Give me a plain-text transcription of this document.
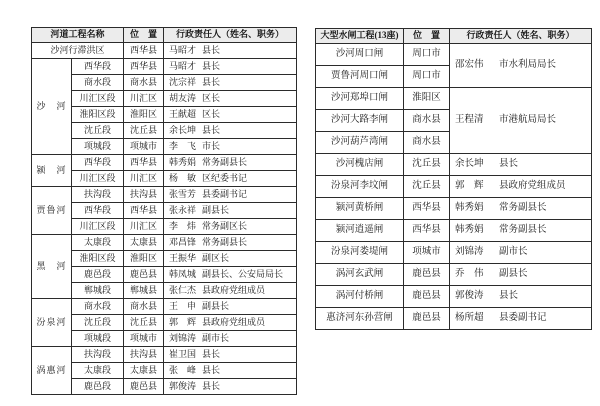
河道工程名称		位　置	行政责任人（姓名、职务）
沙河行滞洪区		西华县	马昭才 县长
沙　河	西华段	西华县	马昭才 县长
	商水段	商水县	沈宗祥 县长
	川汇区段	川汇区	胡友涛 区长
	淮阳区段	淮阳区	王献超 区长
	沈丘段	沈丘县	余长坤 县长
	项城段	项城市	李　飞 市长
颍　河	西华段	西华县	韩秀娟 常务副县长
	川汇区段	川汇区	杨　敏 区纪委书记
贾鲁河	扶沟段	扶沟县	张雪芳 县委副书记
	西华段	西华县	张永祥 副县长
	川汇区段	川汇区	李　炜 常务副区长
黑　河	太康段	太康县	邓昌锋 常务副县长
	淮阳区段	淮阳区	王振华 副区长
	鹿邑段	鹿邑县	韩凤城 副县长、公安局局长
	郸城段	郸城县	张仁杰 县政府党组成员
汾泉河	商水段	商水县	王　申 副县长
	沈丘段	沈丘县	郭　辉 县政府党组成员
	项城段	项城市	刘锦涛 副市长
涡惠河	扶沟段	扶沟县	崔卫国 县长
	太康段	太康县	张　峰 县长
	鹿邑段	鹿邑县	郭俊涛 县长
大型水闸工程(13座)	位　置	行政责任人（姓名、职务）
沙河周口闸	周口市	邵宏伟 市水利局局长
贾鲁河周口闸	周口市	
沙河郑埠口闸	淮阳区	王程清 市港航局局长
沙河大路李闸	商水县	
沙河葫芦湾闸	商水县	
沙河槐店闸	沈丘县	余长坤 县长
汾泉河李坟闸	沈丘县	郭　辉 县政府党组成员
颍河黄桥闸	西华县	韩秀娟 常务副县长
颍河逍遥闸	西华县	韩秀娟 常务副县长
汾泉河娄堤闸	项城市	刘锦涛 副市长
涡河玄武闸	鹿邑县	乔　伟 副县长
涡河付桥闸	鹿邑县	郭俊涛 县长
惠济河东孙营闸	鹿邑县	杨所超 县委副书记
